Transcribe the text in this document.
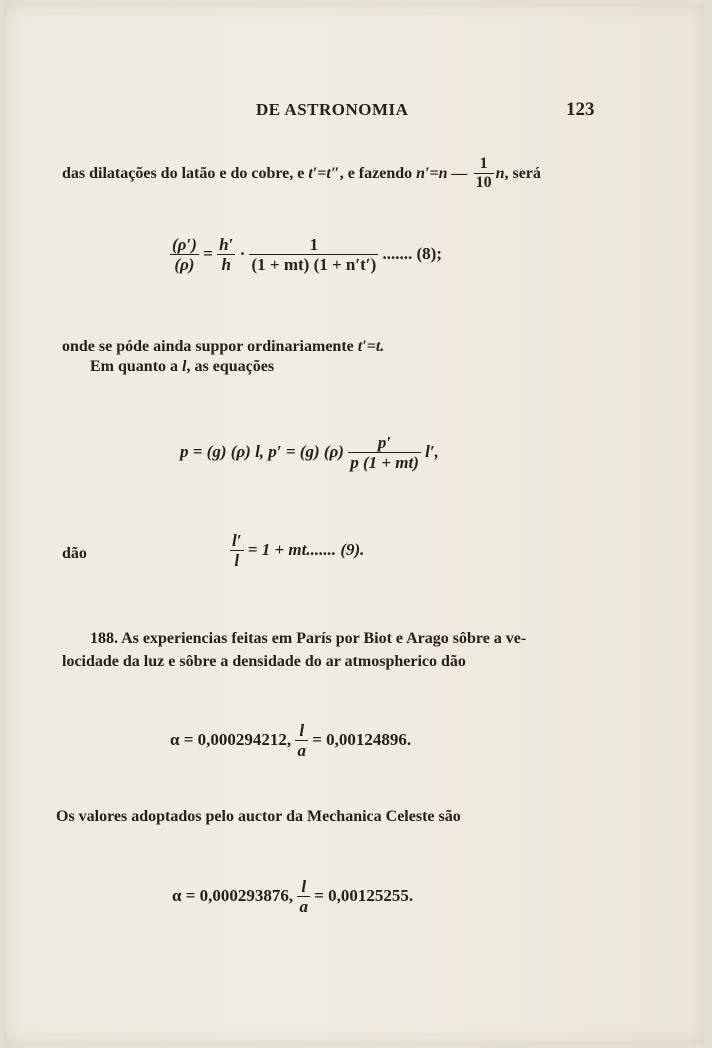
DE ASTRONOMIA	123
das dilatações do latão e do cobre, e t′=t″, e fazendo n′=n — $\frac{1}{10} n$, será
$\frac{(\rho')}{(\rho)} = \frac{h'}{h} \cdot \frac{1}{(1 + mt) (1 + n't')}$ ....... (8);
onde se póde ainda suppor ordinariamente t′=t.
Em quanto a l, as equações
p = (g) (ρ) l, p′ = (g) $(\rho) \frac{p'}{p (1 + mt)} l'$,
dão	$\frac{l'}{l} = 1$ + mt....... (9).
188. As experiencias feitas em París por Biot e Arago sôbre a ve-
locidade da luz e sôbre a densidade do ar atmospherico dão
α = 0,000294212, $\frac{l}{a} = 0,00124896$.
Os valores adoptados pelo auctor da Mechanica Celeste são
α = 0,000293876, $\frac{l}{a} = 0,00125255$.
